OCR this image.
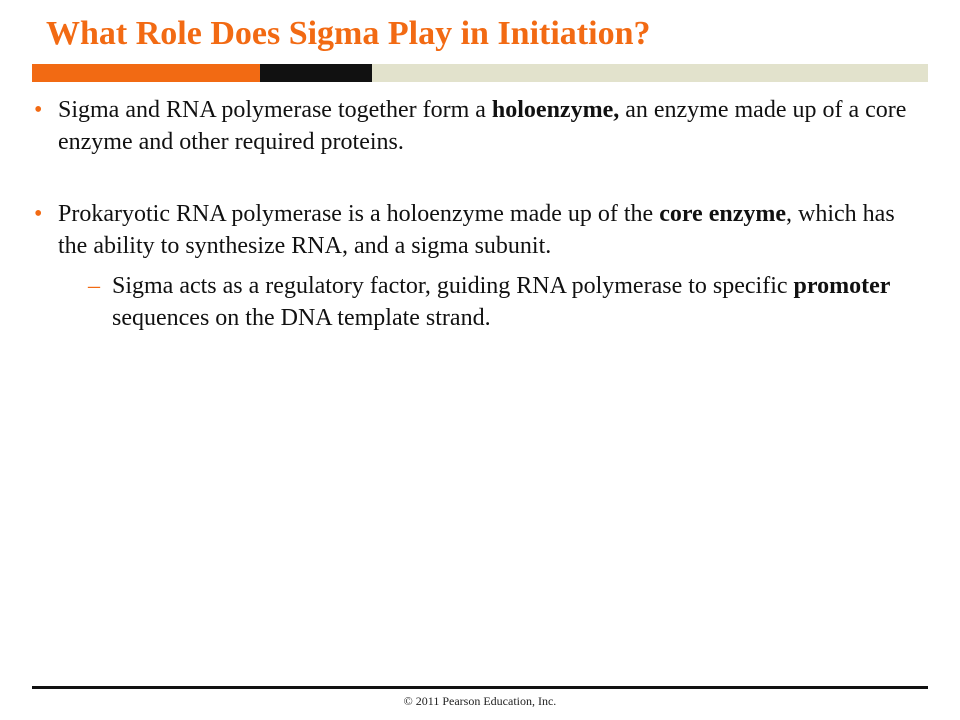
What Role Does Sigma Play in Initiation?
• Sigma and RNA polymerase together form a holoenzyme, an enzyme made up of a core enzyme and other required proteins.
• Prokaryotic RNA polymerase is a holoenzyme made up of the core enzyme, which has the ability to synthesize RNA, and a sigma subunit.
– Sigma acts as a regulatory factor, guiding RNA polymerase to specific promoter sequences on the DNA template strand.
© 2011 Pearson Education, Inc.
